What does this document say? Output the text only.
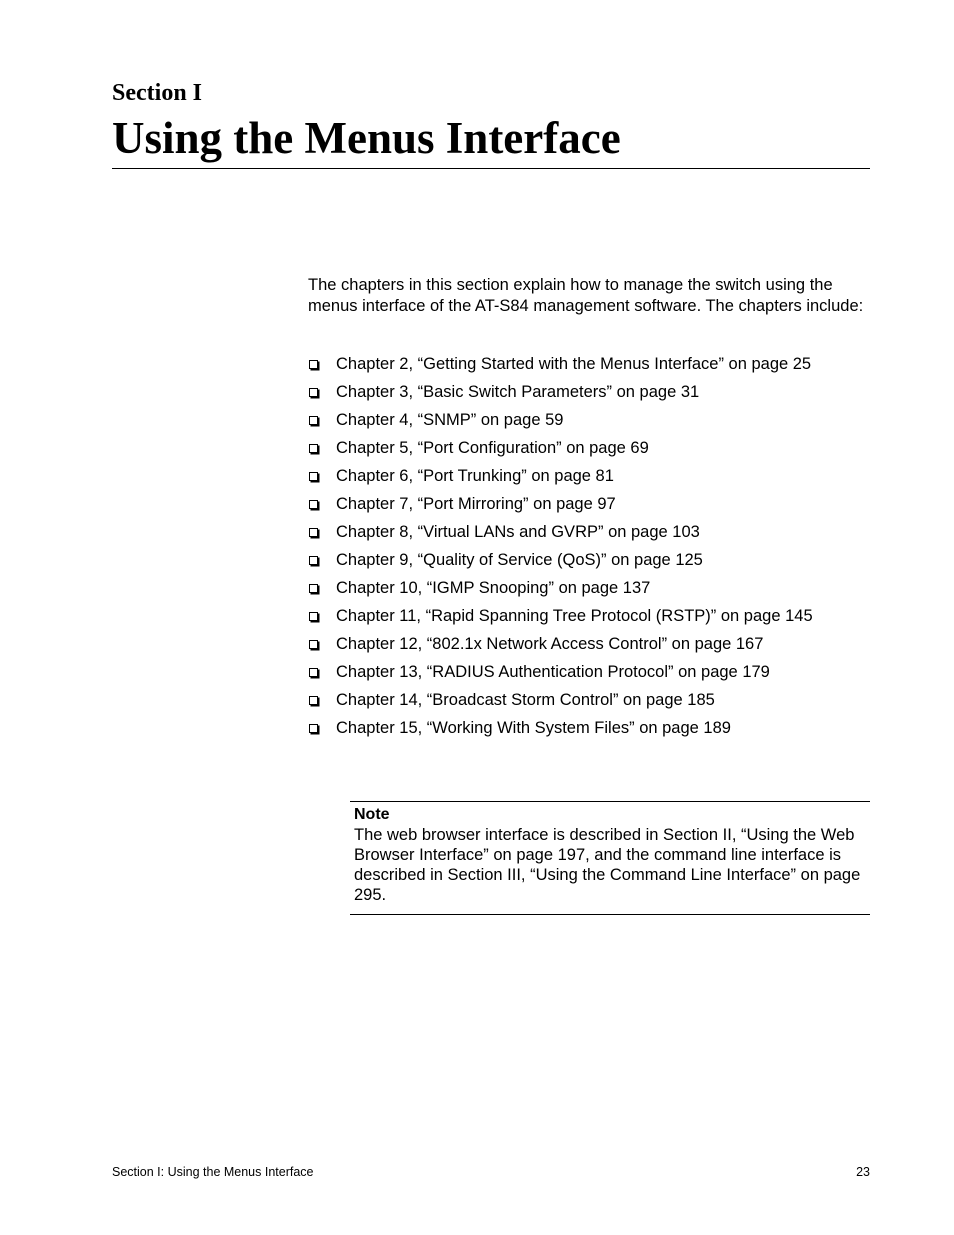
Section I
Using the Menus Interface

The chapters in this section explain how to manage the switch using the menus interface of the AT-S84 management software. The chapters include:

Chapter 2, “Getting Started with the Menus Interface” on page 25
Chapter 3, “Basic Switch Parameters” on page 31
Chapter 4, “SNMP” on page 59
Chapter 5, “Port Configuration” on page 69
Chapter 6, “Port Trunking” on page 81
Chapter 7, “Port Mirroring” on page 97
Chapter 8, “Virtual LANs and GVRP” on page 103
Chapter 9, “Quality of Service (QoS)” on page 125
Chapter 10, “IGMP Snooping” on page 137
Chapter 11, “Rapid Spanning Tree Protocol (RSTP)” on page 145
Chapter 12, “802.1x Network Access Control” on page 167
Chapter 13, “RADIUS Authentication Protocol” on page 179
Chapter 14, “Broadcast Storm Control” on page 185
Chapter 15, “Working With System Files” on page 189

Note

The web browser interface is described in Section II, “Using the Web Browser Interface” on page 197, and the command line interface is described in Section III, “Using the Command Line Interface” on page 295.

Section I: Using the Menus Interface	23
